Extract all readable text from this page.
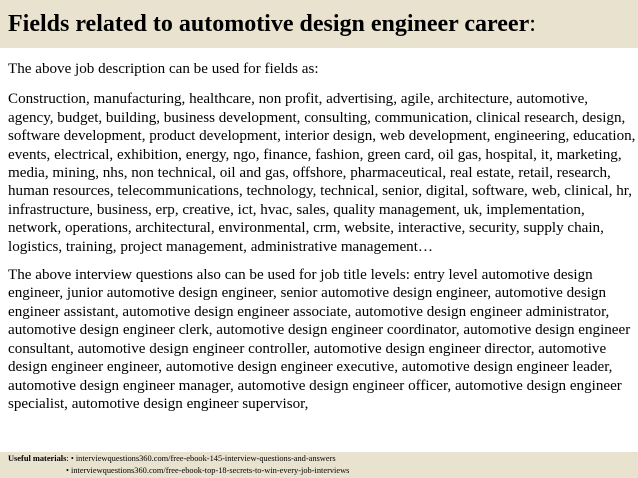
Fields related to automotive design engineer career:

The above job description can be used for fields as:

Construction, manufacturing, healthcare, non profit, advertising, agile, architecture, automotive, agency, budget, building, business development, consulting, communication, clinical research, design, software development, product development, interior design, web development, engineering, education, events, electrical, exhibition, energy, ngo, finance, fashion, green card, oil gas, hospital, it, marketing, media, mining, nhs, non technical, oil and gas, offshore, pharmaceutical, real estate, retail, research, human resources, telecommunications, technology, technical, senior, digital, software, web, clinical, hr, infrastructure, business, erp, creative, ict, hvac, sales, quality management, uk, implementation, network, operations, architectural, environmental, crm, website, interactive, security, supply chain, logistics, training, project management, administrative management…

The above interview questions also can be used for job title levels: entry level automotive design engineer, junior automotive design engineer, senior automotive design engineer, automotive design engineer assistant, automotive design engineer associate, automotive design engineer administrator, automotive design engineer clerk, automotive design engineer coordinator, automotive design engineer consultant, automotive design engineer controller, automotive design engineer director, automotive design engineer engineer, automotive design engineer executive, automotive design engineer leader, automotive design engineer manager, automotive design engineer officer, automotive design engineer specialist, automotive design engineer supervisor,

Useful materials: • interviewquestions360.com/free-ebook-145-interview-questions-and-answers
• interviewquestions360.com/free-ebook-top-18-secrets-to-win-every-job-interviews
